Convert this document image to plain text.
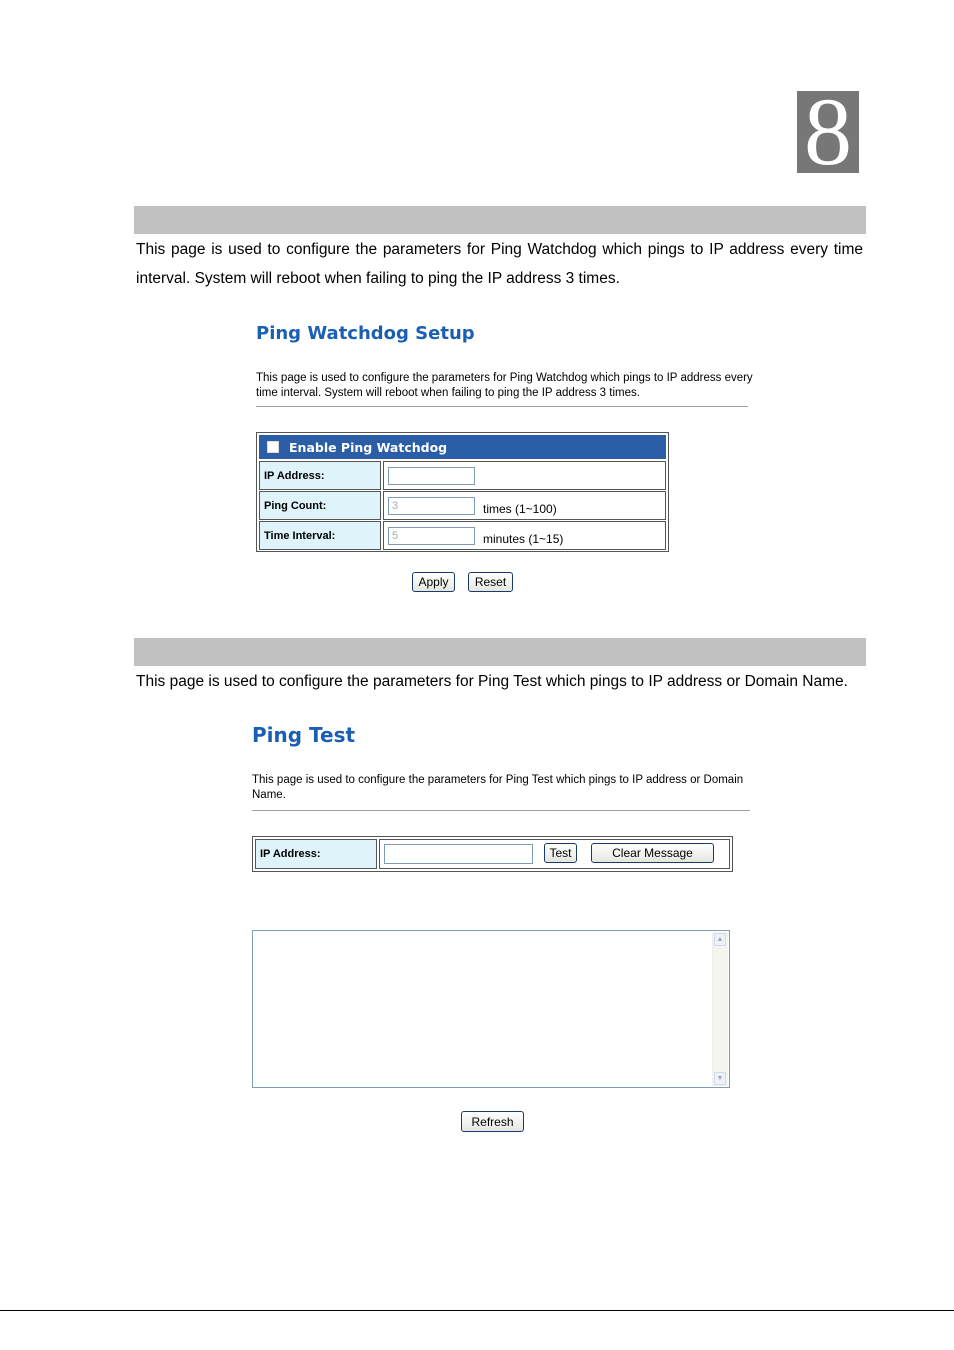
8

This page is used to configure the parameters for Ping Watchdog which pings to IP address every time interval. System will reboot when failing to ping the IP address 3 times.

Ping Watchdog Setup

This page is used to configure the parameters for Ping Watchdog which pings to IP address every time interval. System will reboot when failing to ping the IP address 3 times.

Enable Ping Watchdog
IP Address:
Ping Count:	3	times (1~100)
Time Interval:	5	minutes (1~15)
Apply	Reset

This page is used to configure the parameters for Ping Test which pings to IP address or Domain Name.

Ping Test

This page is used to configure the parameters for Ping Test which pings to IP address or Domain Name.

IP Address:	Test	Clear Message
▲
▼
Refresh
